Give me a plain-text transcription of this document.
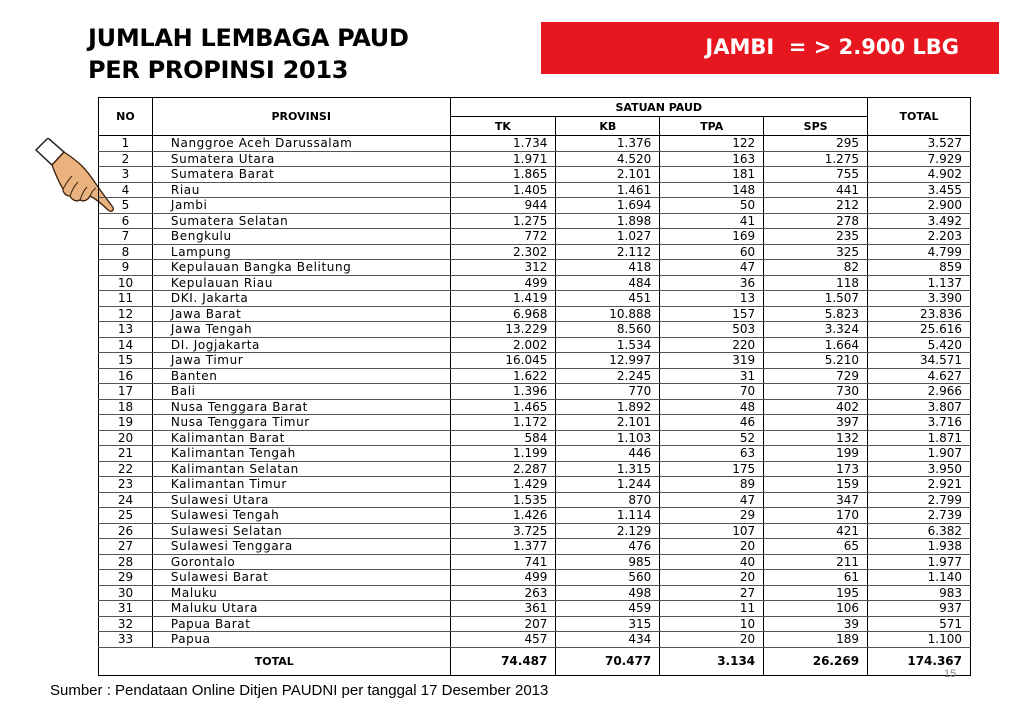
JUMLAH LEMBAGA PAUD
PER PROPINSI 2013
JAMBI  = > 2.900 LBG
NO	PROVINSI	SATUAN PAUD				TOTAL
		TK	KB	TPA	SPS	
1	Nanggroe Aceh Darussalam	1.734	1.376	122	295	3.527
2	Sumatera Utara	1.971	4.520	163	1.275	7.929
3	Sumatera Barat	1.865	2.101	181	755	4.902
4	Riau	1.405	1.461	148	441	3.455
5	Jambi	944	1.694	50	212	2.900
6	Sumatera Selatan	1.275	1.898	41	278	3.492
7	Bengkulu	772	1.027	169	235	2.203
8	Lampung	2.302	2.112	60	325	4.799
9	Kepulauan Bangka Belitung	312	418	47	82	859
10	Kepulauan Riau	499	484	36	118	1.137
11	DKI. Jakarta	1.419	451	13	1.507	3.390
12	Jawa Barat	6.968	10.888	157	5.823	23.836
13	Jawa Tengah	13.229	8.560	503	3.324	25.616
14	DI. Jogjakarta	2.002	1.534	220	1.664	5.420
15	Jawa Timur	16.045	12.997	319	5.210	34.571
16	Banten	1.622	2.245	31	729	4.627
17	Bali	1.396	770	70	730	2.966
18	Nusa Tenggara Barat	1.465	1.892	48	402	3.807
19	Nusa Tenggara Timur	1.172	2.101	46	397	3.716
20	Kalimantan Barat	584	1.103	52	132	1.871
21	Kalimantan Tengah	1.199	446	63	199	1.907
22	Kalimantan Selatan	2.287	1.315	175	173	3.950
23	Kalimantan Timur	1.429	1.244	89	159	2.921
24	Sulawesi Utara	1.535	870	47	347	2.799
25	Sulawesi Tengah	1.426	1.114	29	170	2.739
26	Sulawesi Selatan	3.725	2.129	107	421	6.382
27	Sulawesi Tenggara	1.377	476	20	65	1.938
28	Gorontalo	741	985	40	211	1.977
29	Sulawesi Barat	499	560	20	61	1.140
30	Maluku	263	498	27	195	983
31	Maluku Utara	361	459	11	106	937
32	Papua Barat	207	315	10	39	571
33	Papua	457	434	20	189	1.100
TOTAL		74.487	70.477	3.134	26.269	174.367
15
Sumber : Pendataan Online Ditjen PAUDNI per tanggal 17 Desember 2013
